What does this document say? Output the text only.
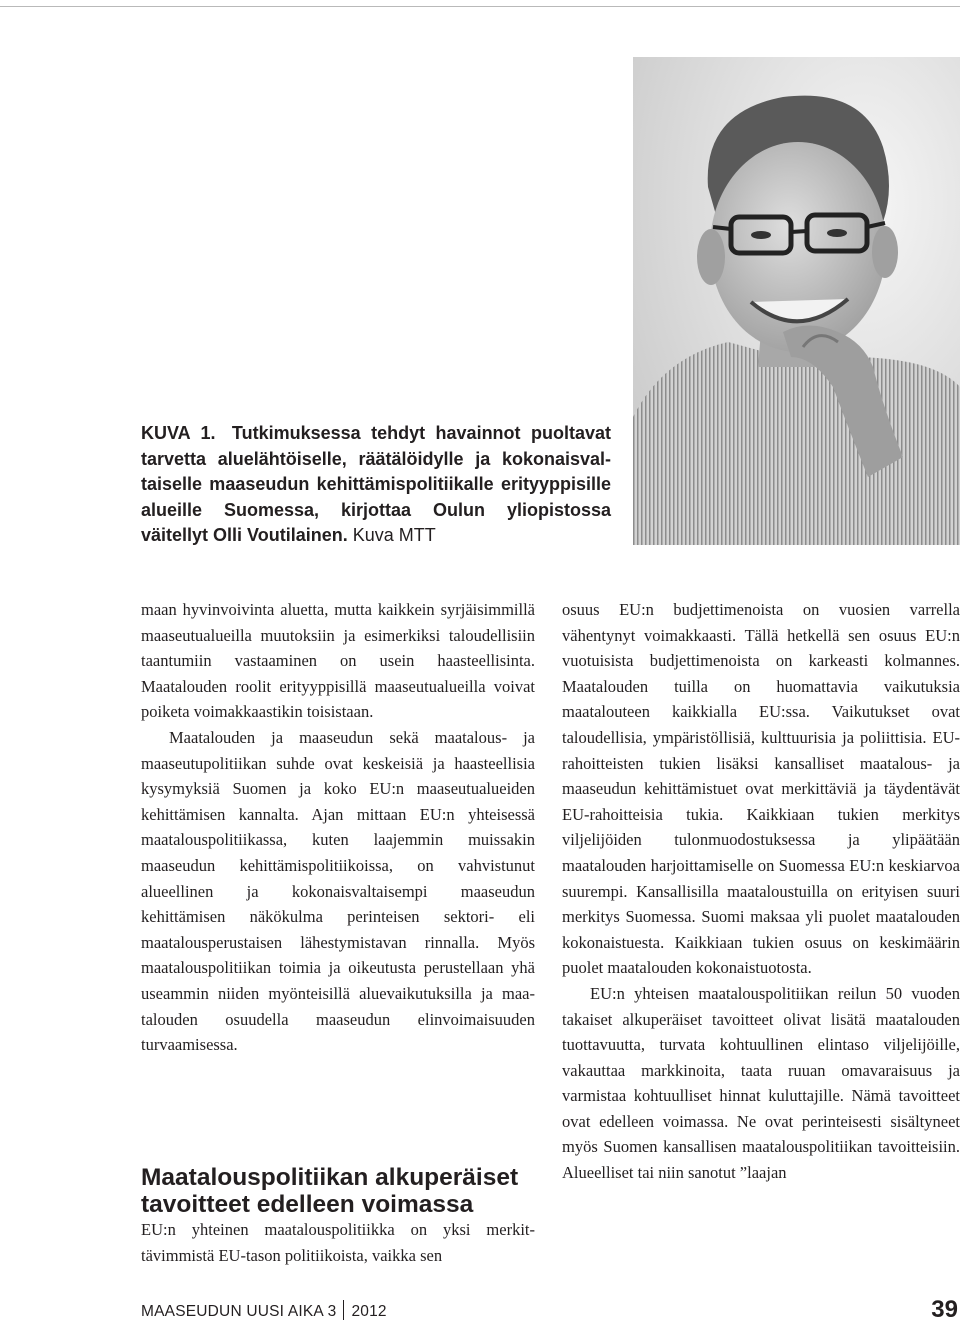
KUVA 1. Tutkimuksessa tehdyt havainnot puoltavat tarvetta aluelähtöiselle, räätälöidylle ja kokonaisvaltaiselle maaseudun kehittämispolitiikalle erityyppisille alueille Suomessa, kirjottaa Oulun yliopistossa väitellyt Olli Voutilainen. Kuva MTT

maan hyvinvoivinta aluetta, mutta kaikkein syrjäisimmillä maaseutualueilla muutoksiin ja esimerkiksi taloudellisiin taantumiin vastaaminen on usein haasteellisinta. Maatalouden roolit erityyppisillä maaseutualueilla voivat poiketa voimakkaastikin toisistaan.

Maatalouden ja maaseudun sekä maatalous- ja maaseutupolitiikan suhde ovat keskeisiä ja haasteellisia kysymyksiä Suomen ja koko EU:n maaseutualueiden kehittämisen kannalta. Ajan mittaan EU:n yhteisessä maatalouspolitiikassa, kuten laajemmin muissakin maaseudun kehittämispolitiikoissa, on vahvistunut alueellinen ja kokonaisvaltaisempi maaseudun kehittämisen näkökulma perinteisen sektori- eli maatalousperustaisen lähestymistavan rinnalla. Myös maatalouspolitiikan toimia ja oikeutusta perustellaan yhä useammin niiden myönteisillä aluevaikutuksilla ja maatalouden osuudella maaseudun elinvoimaisuuden turvaamisessa.

Maatalouspolitiikan alkuperäiset tavoitteet edelleen voimassa

EU:n yhteinen maatalouspolitiikka on yksi merkittävimmistä EU-tason politiikoista, vaikka sen

osuus EU:n budjettimenoista on vuosien varrella vähentynyt voimakkaasti. Tällä hetkellä sen osuus EU:n vuotuisista budjettimenoista on karkeasti kolmannes. Maatalouden tuilla on huomattavia vaikutuksia maatalouteen kaikkialla EU:ssa. Vaikutukset ovat taloudellisia, ympäristöllisiä, kulttuurisia ja poliittisia. EU-rahoitteisten tukien lisäksi kansalliset maatalous- ja maaseudun kehittämistuet ovat merkittäviä ja täydentävät EU-rahoitteisia tukia. Kaikkiaan tukien merkitys viljelijöiden tulonmuodostuksessa ja ylipäätään maatalouden harjoittamiselle on Suomessa EU:n keskiarvoa suurempi. Kansallisilla maataloustuilla on erityisen suuri merkitys Suomessa. Suomi maksaa yli puolet maatalouden kokonaistuesta. Kaikkiaan tukien osuus on keskimäärin puolet maatalouden kokonaistuotosta.

EU:n yhteisen maatalouspolitiikan reilun 50 vuoden takaiset alkuperäiset tavoitteet olivat lisätä maatalouden tuottavuutta, turvata kohtuullinen elintaso viljelijöille, vakauttaa markkinoita, taata ruuan omavaraisuus ja varmistaa kohtuulliset hinnat kuluttajille. Nämä tavoitteet ovat edelleen voimassa. Ne ovat perinteisesti sisältyneet myös Suomen kansallisen maatalouspolitiikan tavoitteisiin. Alueelliset tai niin sanotut ”laajan

MAASEUDUN UUSI AIKA 3 2012	39
